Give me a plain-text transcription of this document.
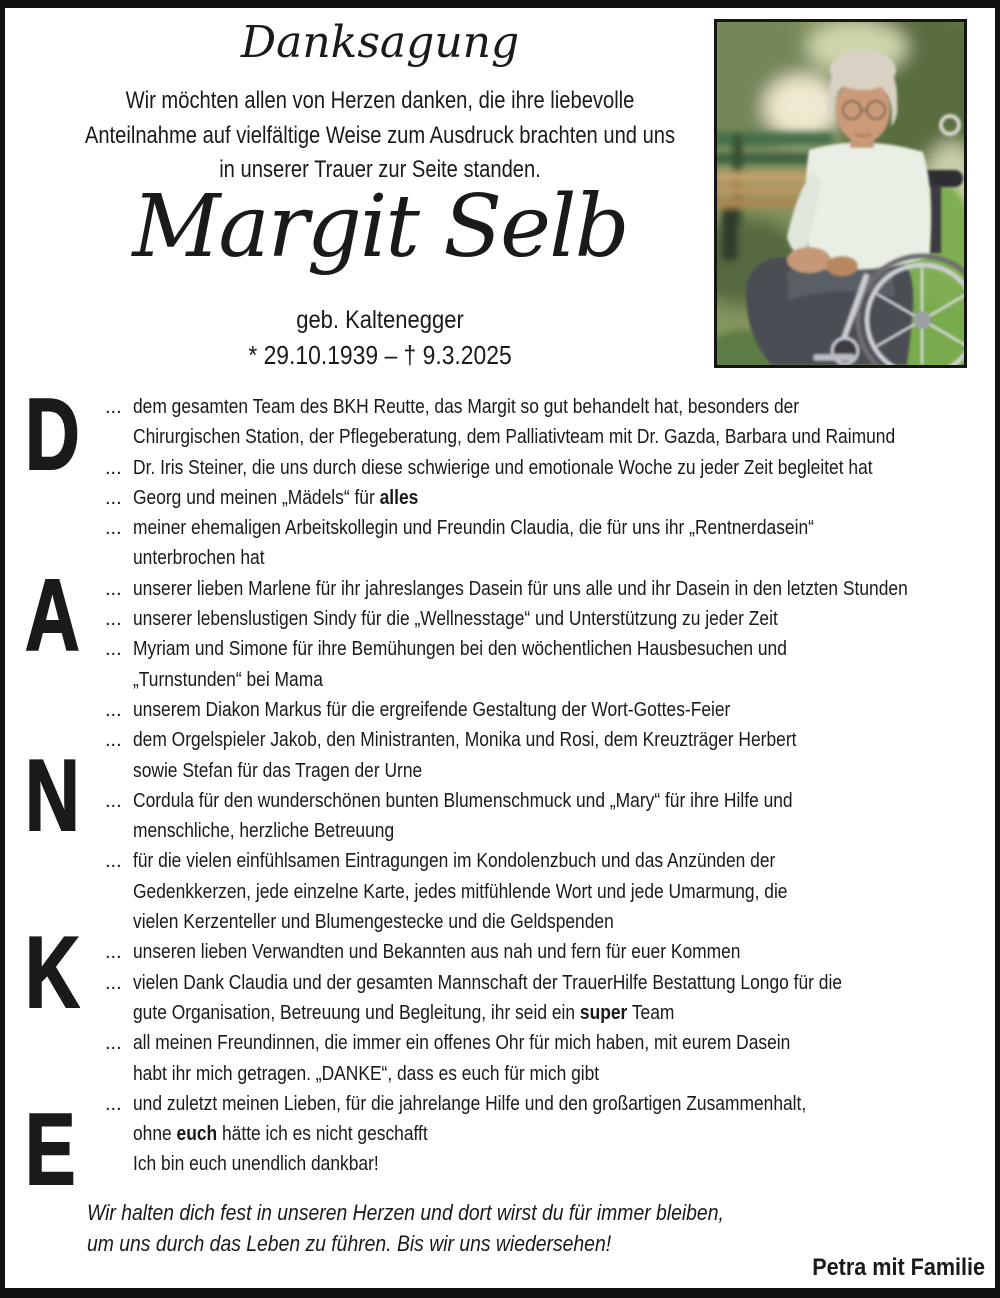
Danksagung
Wir möchten allen von Herzen danken, die ihre liebevolle
Anteilnahme auf vielfältige Weise zum Ausdruck brachten und uns
in unserer Trauer zur Seite standen.
Margit Selb
geb. Kaltenegger
* 29.10.1939 – † 9.3.2025
D
A
N
K
E
... dem gesamten Team des BKH Reutte, das Margit so gut behandelt hat, besonders der
Chirurgischen Station, der Pflegeberatung, dem Palliativteam mit Dr. Gazda, Barbara und Raimund
... Dr. Iris Steiner, die uns durch diese schwierige und emotionale Woche zu jeder Zeit begleitet hat
... Georg und meinen „Mädels“ für alles
... meiner ehemaligen Arbeitskollegin und Freundin Claudia, die für uns ihr „Rentnerdasein“
unterbrochen hat
... unserer lieben Marlene für ihr jahreslanges Dasein für uns alle und ihr Dasein in den letzten Stunden
... unserer lebenslustigen Sindy für die „Wellnesstage“ und Unterstützung zu jeder Zeit
... Myriam und Simone für ihre Bemühungen bei den wöchentlichen Hausbesuchen und
„Turnstunden“ bei Mama
... unserem Diakon Markus für die ergreifende Gestaltung der Wort-Gottes-Feier
... dem Orgelspieler Jakob, den Ministranten, Monika und Rosi, dem Kreuzträger Herbert
sowie Stefan für das Tragen der Urne
... Cordula für den wunderschönen bunten Blumenschmuck und „Mary“ für ihre Hilfe und
menschliche, herzliche Betreuung
... für die vielen einfühlsamen Eintragungen im Kondolenzbuch und das Anzünden der
Gedenkkerzen, jede einzelne Karte, jedes mitfühlende Wort und jede Umarmung, die
vielen Kerzenteller und Blumengestecke und die Geldspenden
... unseren lieben Verwandten und Bekannten aus nah und fern für euer Kommen
... vielen Dank Claudia und der gesamten Mannschaft der TrauerHilfe Bestattung Longo für die
gute Organisation, Betreuung und Begleitung, ihr seid ein super Team
... all meinen Freundinnen, die immer ein offenes Ohr für mich haben, mit eurem Dasein
habt ihr mich getragen. „DANKE“, dass es euch für mich gibt
... und zuletzt meinen Lieben, für die jahrelange Hilfe und den großartigen Zusammenhalt,
ohne euch hätte ich es nicht geschafft
Ich bin euch unendlich dankbar!
Wir halten dich fest in unseren Herzen und dort wirst du für immer bleiben,
um uns durch das Leben zu führen. Bis wir uns wiedersehen!
Petra mit Familie
